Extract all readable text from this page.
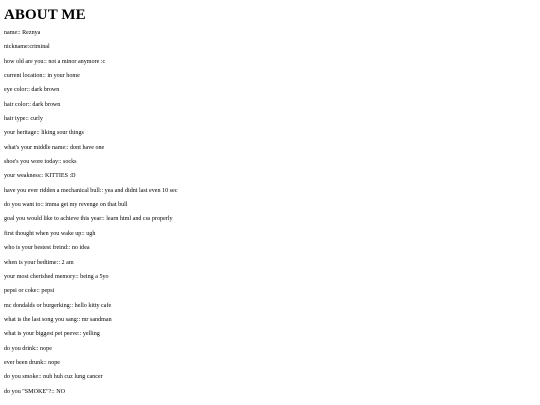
ABOUT ME
name:: Reznya
nickname:criminal
how old are you:: not a minor anymore :c
current location:: in your home
eye color:: dark brown
hair color:: dark brown
hair type:: curly
your heritage:: liking sour things
what's your middle name:: dont have one
shoe's you wore today:: socks
your weakness:: KITTIES :D
have you ever ridden a mechanical bull:: yea and didnt last even 10 sec
do you want to:: imma get my revenge on that bull
goal you would like to achieve this year:: learn html and css properly
first thought when you wake up:: ugh
who is your bestest freind:: no idea
when is your bedtime:: 2 am
your most cherished memory:: being a 5yo
pepsi or coke:: pepsi
mc dondalds or burgerking:: hello kitty cafe
what is the last song you sang:: mr sandman
what is your biggest pet peeve:: yelling
do you drink:: nope
ever been drunk:: nope
do you smoke:: nuh huh cuz lung cancer
do you "SMOKE"?:: NO
